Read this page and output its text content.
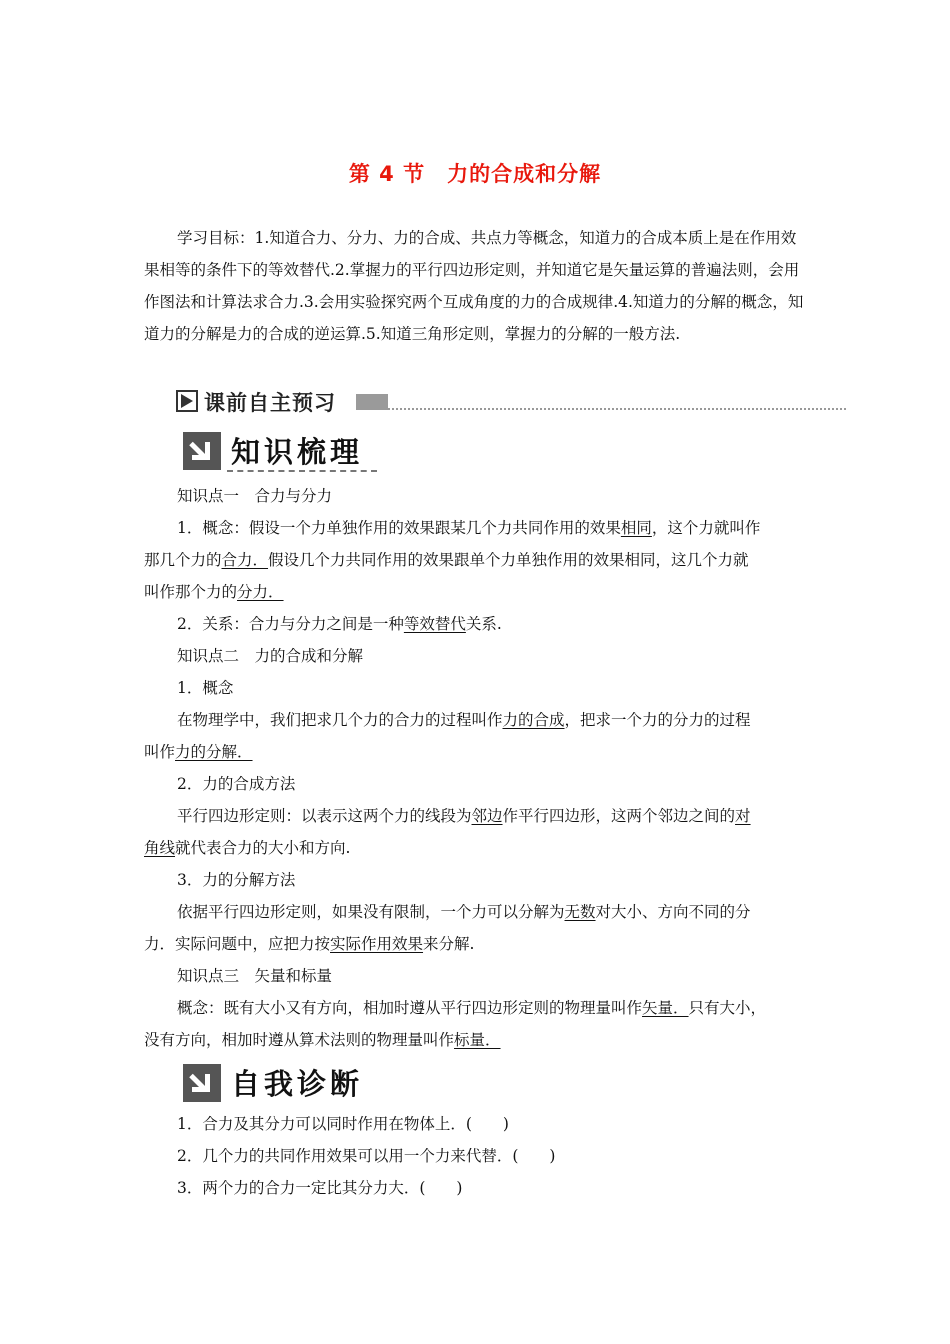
第 4 节　力的合成和分解
学习目标：1.知道合力、分力、力的合成、共点力等概念，知道力的合成本质上是在作用效果相等的条件下的等效替代.2.掌握力的平行四边形定则，并知道它是矢量运算的普遍法则，会用作图法和计算法求合力.3.会用实验探究两个互成角度的力的合成规律.4.知道力的分解的概念，知道力的分解是力的合成的逆运算.5.知道三角形定则，掌握力的分解的一般方法.
课前自主预习
知识梳理
知识点一　合力与分力
1．概念：假设一个力单独作用的效果跟某几个力共同作用的效果相同，这个力就叫作
那几个力的合力．假设几个力共同作用的效果跟单个力单独作用的效果相同，这几个力就
叫作那个力的分力．
2．关系：合力与分力之间是一种等效替代关系.
知识点二　力的合成和分解
1．概念
在物理学中，我们把求几个力的合力的过程叫作力的合成，把求一个力的分力的过程
叫作力的分解．
2．力的合成方法
平行四边形定则：以表示这两个力的线段为邻边作平行四边形，这两个邻边之间的对
角线就代表合力的大小和方向.
3．力的分解方法
依据平行四边形定则，如果没有限制，一个力可以分解为无数对大小、方向不同的分
力．实际问题中，应把力按实际作用效果来分解.
知识点三　矢量和标量
概念：既有大小又有方向，相加时遵从平行四边形定则的物理量叫作矢量．只有大小，
没有方向，相加时遵从算术法则的物理量叫作标量．
自我诊断
1．合力及其分力可以同时作用在物体上．(　　)
2．几个力的共同作用效果可以用一个力来代替．(　　)
3．两个力的合力一定比其分力大．(　　)
